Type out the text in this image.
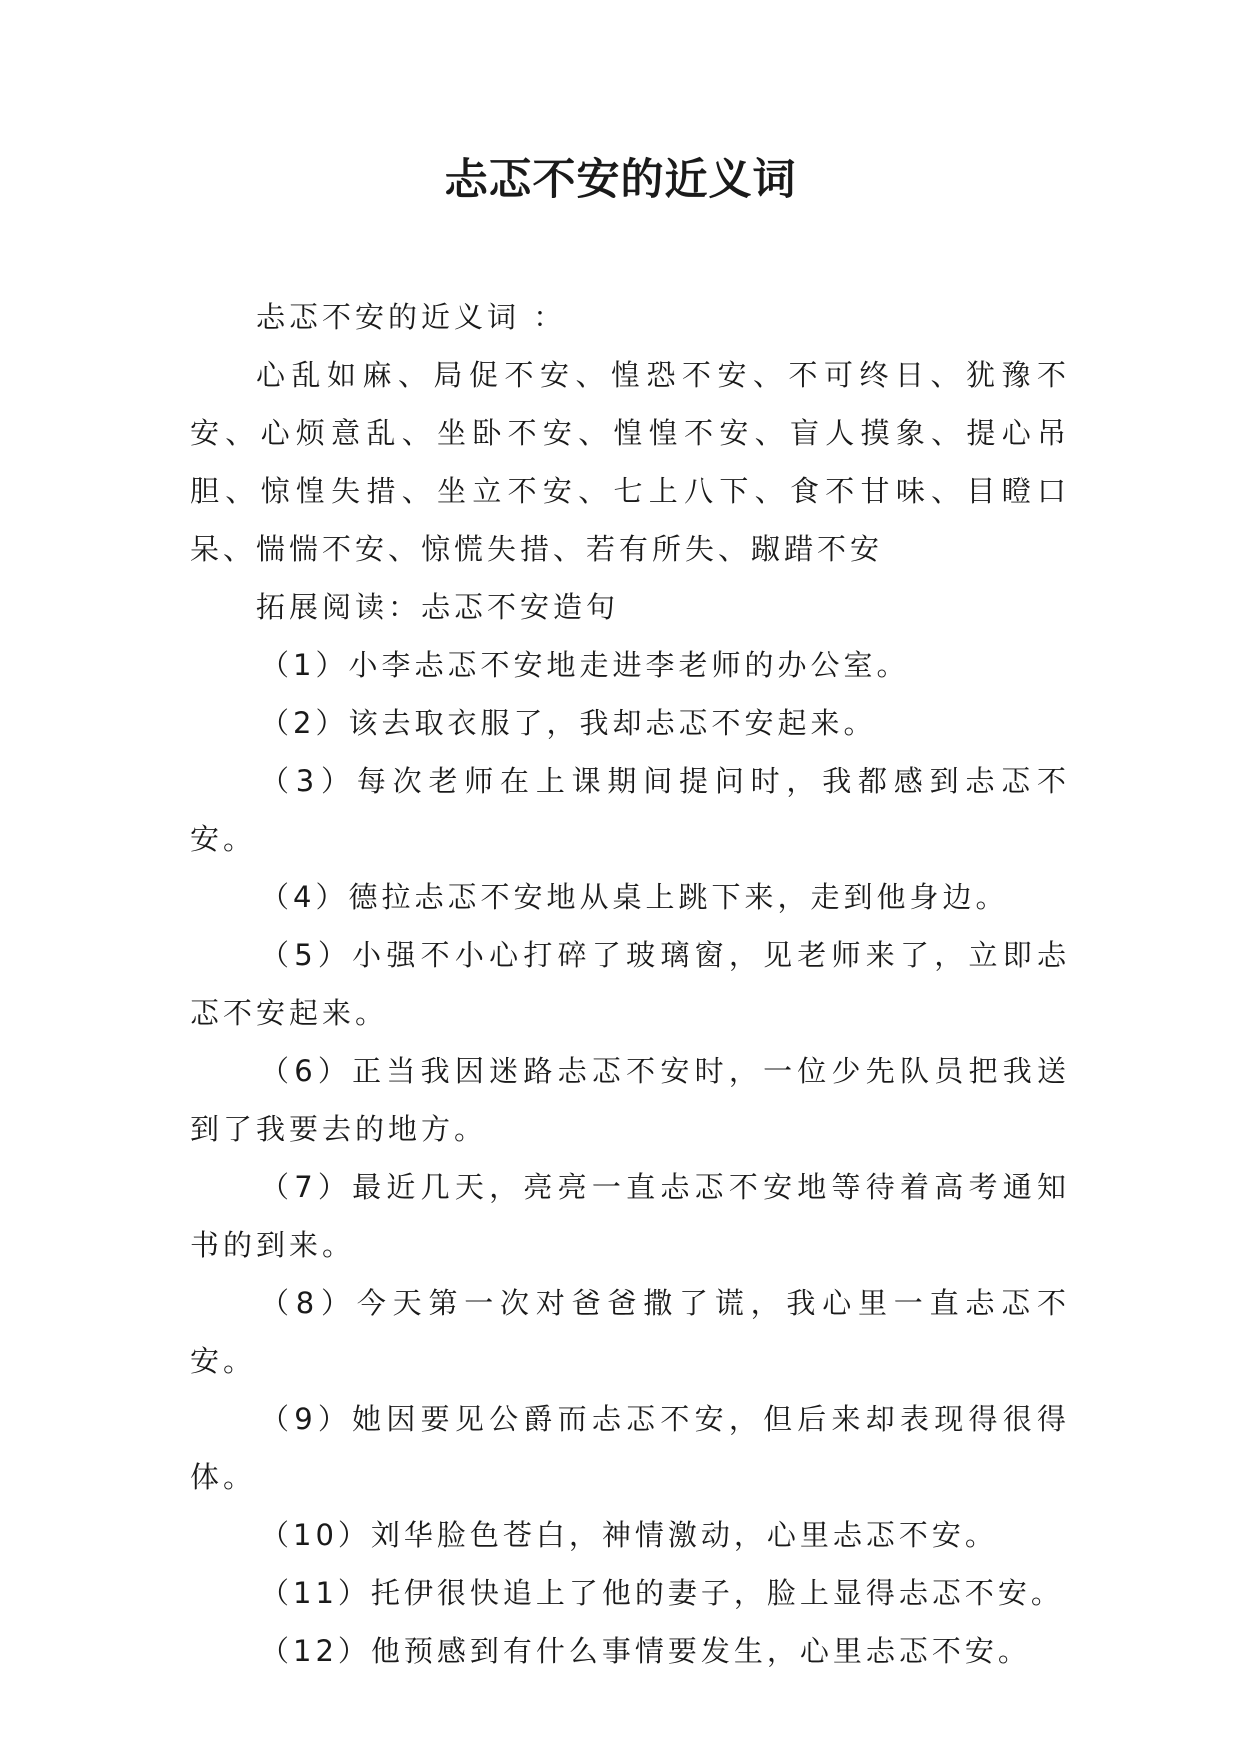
忐忑不安的近义词

忐忑不安的近义词 ：

心乱如麻、局促不安、惶恐不安、不可终日、犹豫不安、心烦意乱、坐卧不安、惶惶不安、盲人摸象、提心吊胆、惊惶失措、坐立不安、七上八下、食不甘味、目瞪口呆、惴惴不安、惊慌失措、若有所失、踧踖不安

拓展阅读：忐忑不安造句

（1）小李忐忑不安地走进李老师的办公室。

（2）该去取衣服了，我却忐忑不安起来。

（3）每次老师在上课期间提问时，我都感到忐忑不安。

（4）德拉忐忑不安地从桌上跳下来，走到他身边。

（5）小强不小心打碎了玻璃窗，见老师来了，立即忐忑不安起来。

（6）正当我因迷路忐忑不安时，一位少先队员把我送到了我要去的地方。

（7）最近几天，亮亮一直忐忑不安地等待着高考通知书的到来。

（8）今天第一次对爸爸撒了谎，我心里一直忐忑不安。

（9）她因要见公爵而忐忑不安，但后来却表现得很得体。

（10）刘华脸色苍白，神情激动，心里忐忑不安。

（11）托伊很快追上了他的妻子，脸上显得忐忑不安。

（12）他预感到有什么事情要发生，心里忐忑不安。
